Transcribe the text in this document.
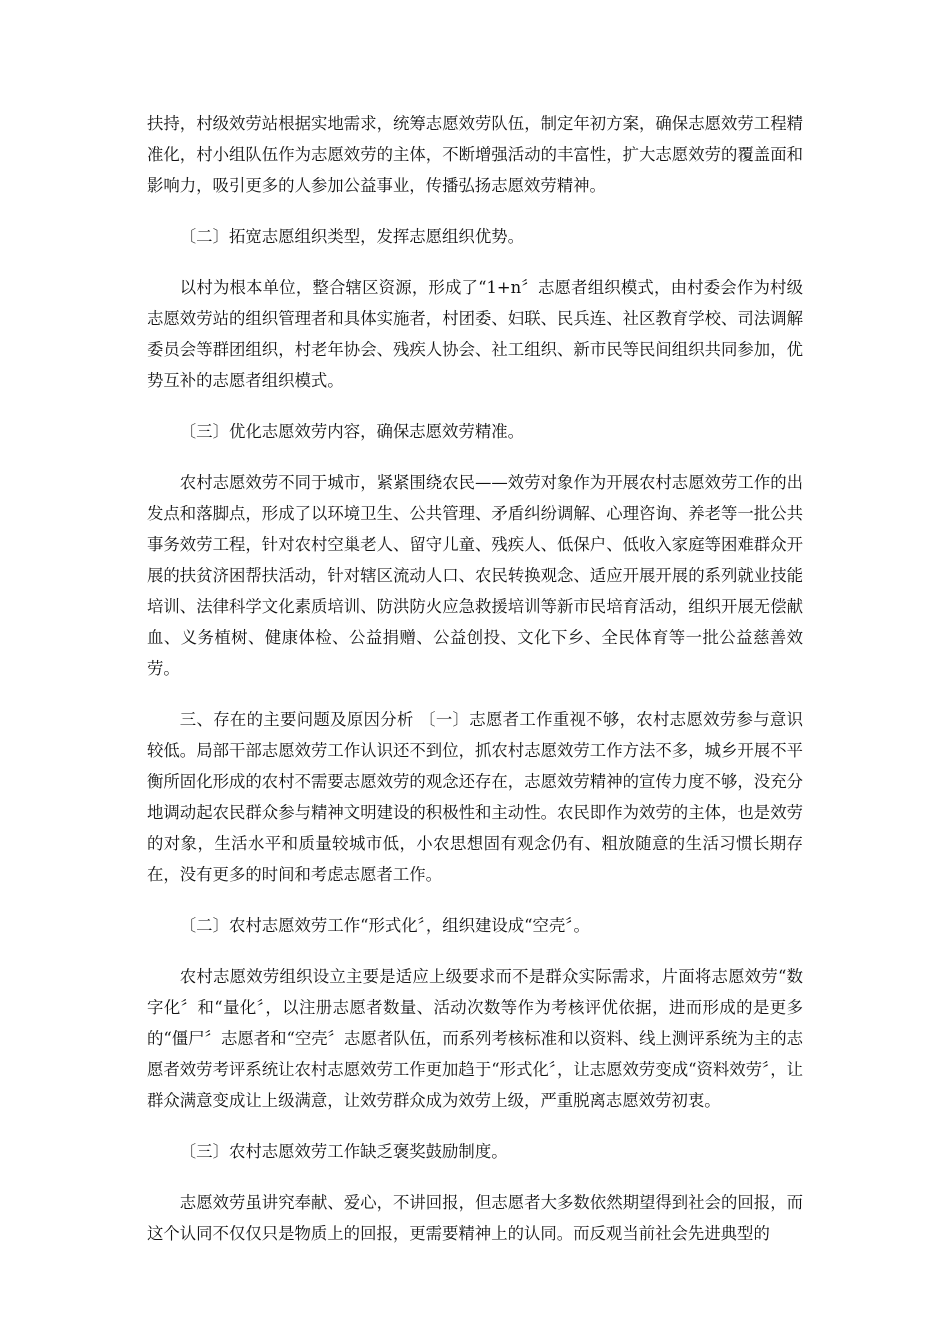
扶持，村级效劳站根据实地需求，统筹志愿效劳队伍，制定年初方案，确保志愿效劳工程精准化，村小组队伍作为志愿效劳的主体，不断增强活动的丰富性，扩大志愿效劳的覆盖面和影响力，吸引更多的人参加公益事业，传播弘扬志愿效劳精神。

〔二〕拓宽志愿组织类型，发挥志愿组织优势。

以村为根本单位，整合辖区资源，形成了“1+n〞志愿者组织模式，由村委会作为村级志愿效劳站的组织管理者和具体实施者，村团委、妇联、民兵连、社区教育学校、司法调解委员会等群团组织，村老年协会、残疾人协会、社工组织、新市民等民间组织共同参加，优势互补的志愿者组织模式。

〔三〕优化志愿效劳内容，确保志愿效劳精准。

农村志愿效劳不同于城市，紧紧围绕农民——效劳对象作为开展农村志愿效劳工作的出发点和落脚点，形成了以环境卫生、公共管理、矛盾纠纷调解、心理咨询、养老等一批公共事务效劳工程，针对农村空巢老人、留守儿童、残疾人、低保户、低收入家庭等困难群众开展的扶贫济困帮扶活动，针对辖区流动人口、农民转换观念、适应开展开展的系列就业技能培训、法律科学文化素质培训、防洪防火应急救援培训等新市民培育活动，组织开展无偿献血、义务植树、健康体检、公益捐赠、公益创投、文化下乡、全民体育等一批公益慈善效劳。

三、存在的主要问题及原因分析 〔一〕志愿者工作重视不够，农村志愿效劳参与意识较低。局部干部志愿效劳工作认识还不到位，抓农村志愿效劳工作方法不多，城乡开展不平衡所固化形成的农村不需要志愿效劳的观念还存在，志愿效劳精神的宣传力度不够，没充分地调动起农民群众参与精神文明建设的积极性和主动性。农民即作为效劳的主体，也是效劳的对象，生活水平和质量较城市低，小农思想固有观念仍有、粗放随意的生活习惯长期存在，没有更多的时间和考虑志愿者工作。

〔二〕农村志愿效劳工作“形式化〞，组织建设成“空壳〞。

农村志愿效劳组织设立主要是适应上级要求而不是群众实际需求，片面将志愿效劳“数字化〞和“量化〞，以注册志愿者数量、活动次数等作为考核评优依据，进而形成的是更多的“僵尸〞志愿者和“空壳〞志愿者队伍，而系列考核标准和以资料、线上测评系统为主的志愿者效劳考评系统让农村志愿效劳工作更加趋于“形式化〞，让志愿效劳变成“资料效劳〞，让群众满意变成让上级满意，让效劳群众成为效劳上级，严重脱离志愿效劳初衷。

〔三〕农村志愿效劳工作缺乏褒奖鼓励制度。

志愿效劳虽讲究奉献、爱心，不讲回报，但志愿者大多数依然期望得到社会的回报，而这个认同不仅仅只是物质上的回报，更需要精神上的认同。而反观当前社会先进典型的
